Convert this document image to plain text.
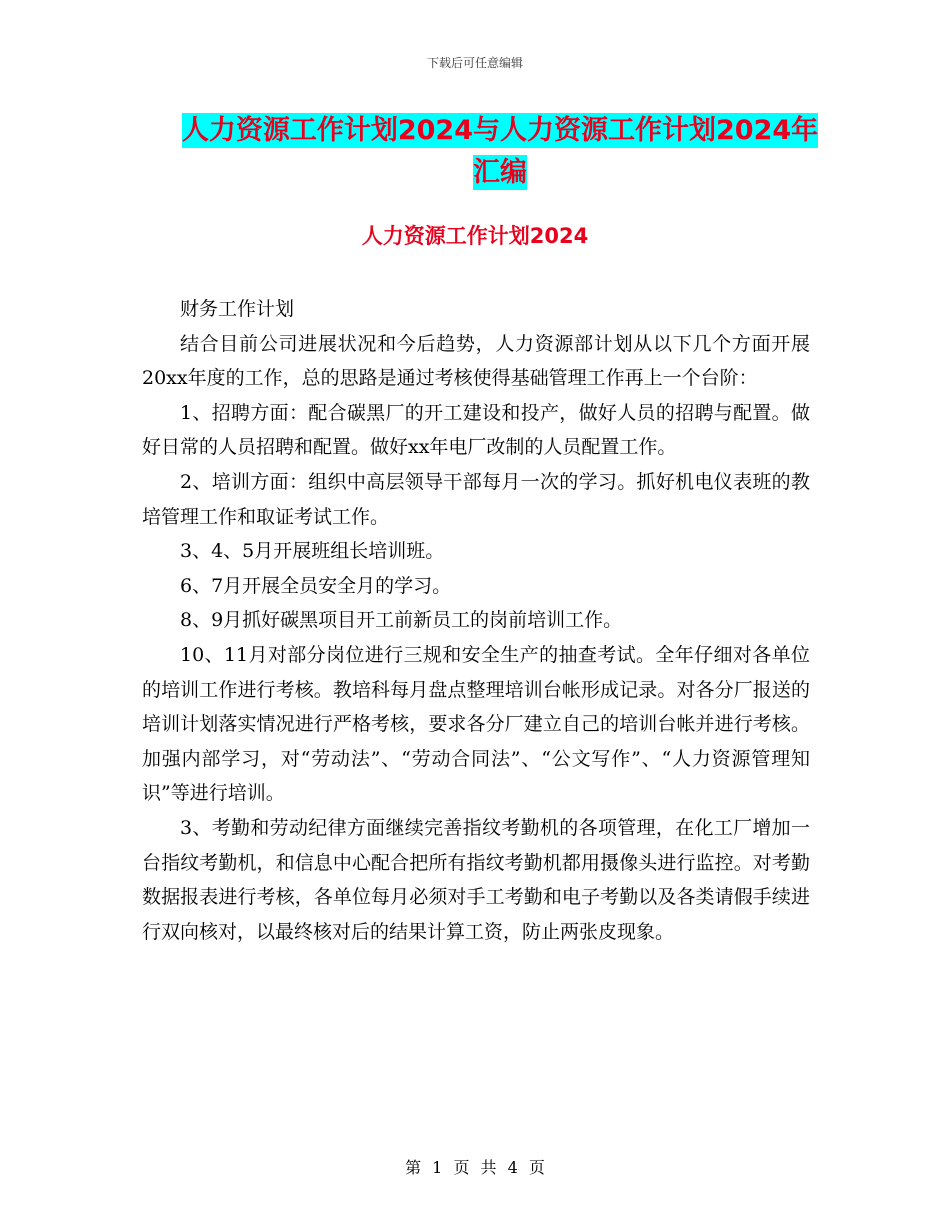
下载后可任意编辑
人力资源工作计划2024与人力资源工作计划2024年
汇编
人力资源工作计划2024

财务工作计划

结合目前公司进展状况和今后趋势，人力资源部计划从以下几个方面开展20xx年度的工作，总的思路是通过考核使得基础管理工作再上一个台阶：

1、招聘方面：配合碳黑厂的开工建设和投产，做好人员的招聘与配置。做好日常的人员招聘和配置。做好xx年电厂改制的人员配置工作。

2、培训方面：组织中高层领导干部每月一次的学习。抓好机电仪表班的教培管理工作和取证考试工作。

3、4、5月开展班组长培训班。

6、7月开展全员安全月的学习。

8、9月抓好碳黑项目开工前新员工的岗前培训工作。

10、11月对部分岗位进行三规和安全生产的抽查考试。全年仔细对各单位的培训工作进行考核。教培科每月盘点整理培训台帐形成记录。对各分厂报送的培训计划落实情况进行严格考核，要求各分厂建立自己的培训台帐并进行考核。加强内部学习，对“劳动法”、“劳动合同法”、“公文写作”、“人力资源管理知识”等进行培训。

3、考勤和劳动纪律方面继续完善指纹考勤机的各项管理，在化工厂增加一台指纹考勤机，和信息中心配合把所有指纹考勤机都用摄像头进行监控。对考勤数据报表进行考核，各单位每月必须对手工考勤和电子考勤以及各类请假手续进行双向核对，以最终核对后的结果计算工资，防止两张皮现象。

第 1 页 共 4 页
